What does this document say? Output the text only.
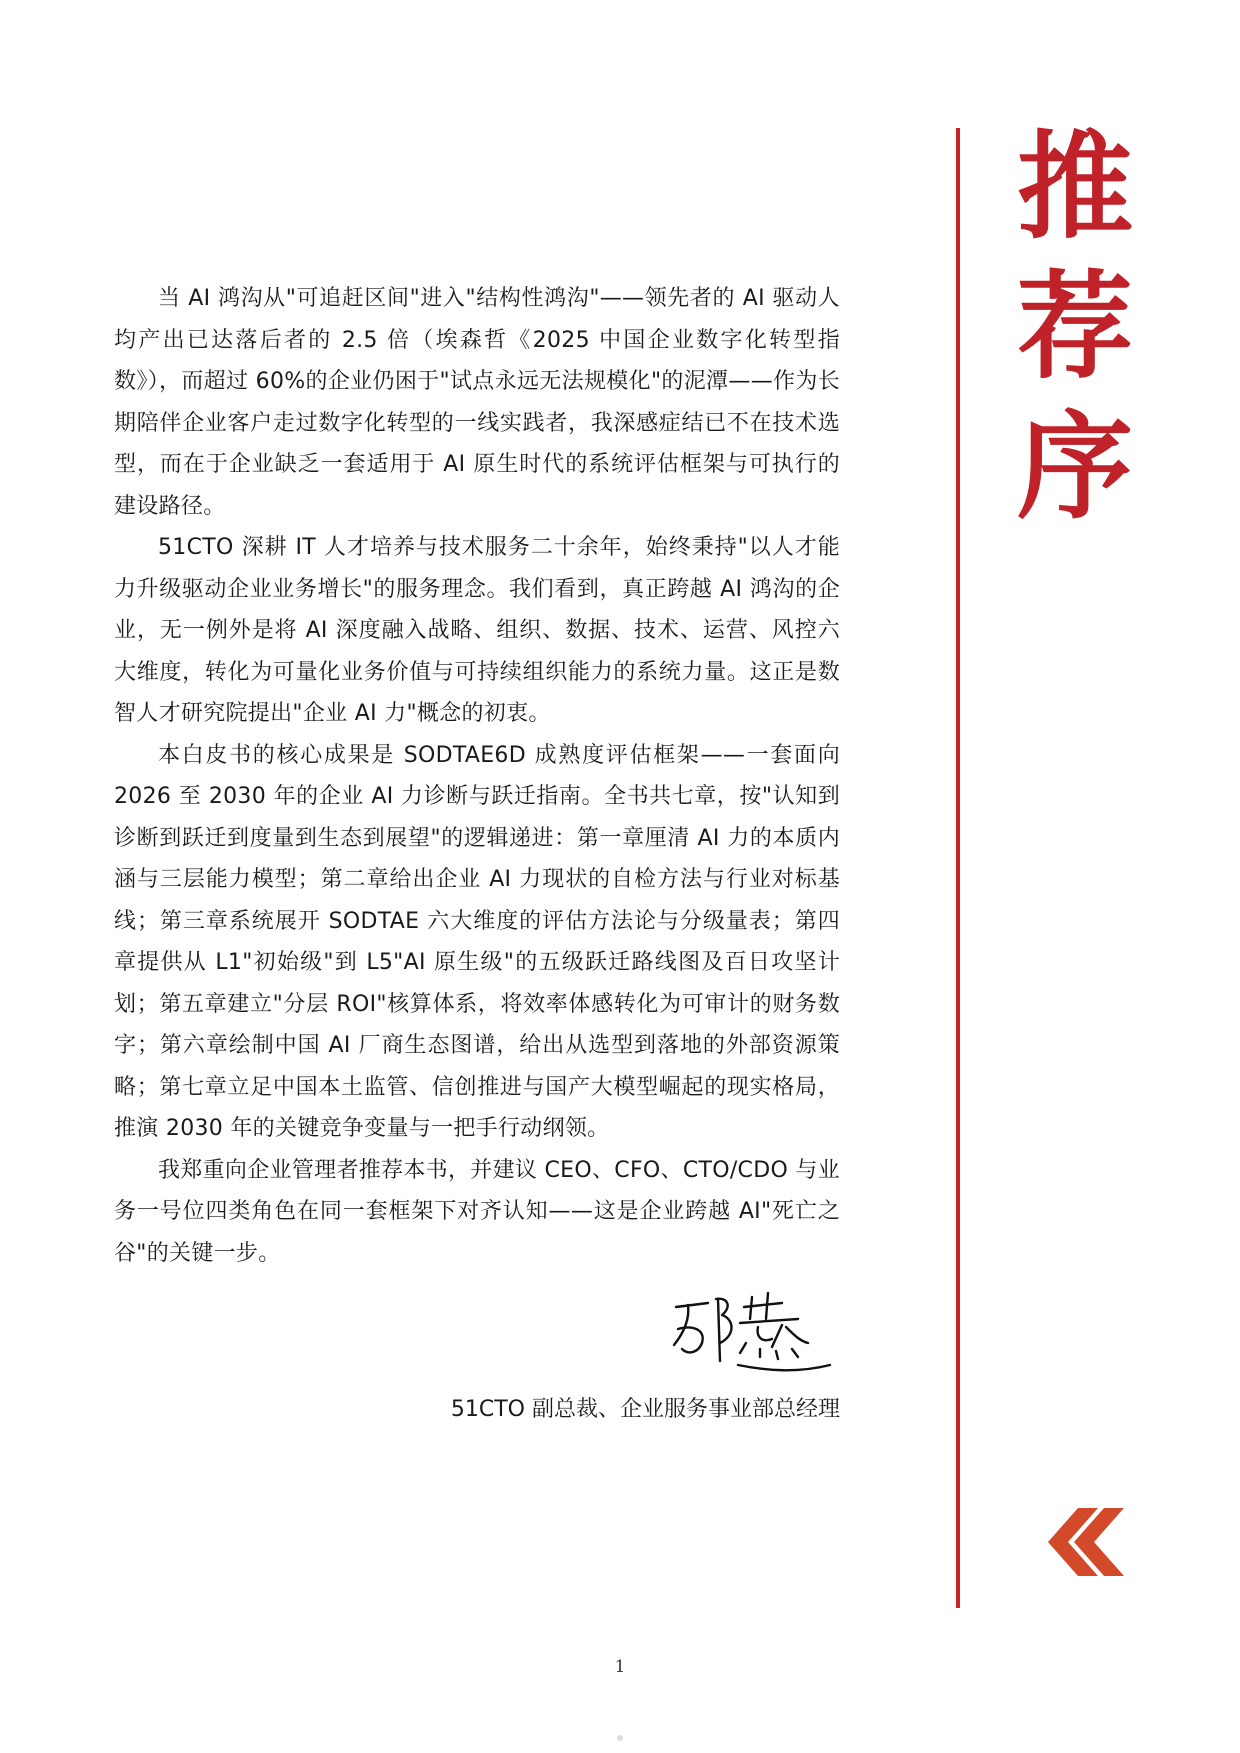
推
荐
序

当 AI 鸿沟从"可追赶区间"进入"结构性鸿沟"——领先者的 AI 驱动人均产出已达落后者的 2.5 倍（埃森哲《2025 中国企业数字化转型指数》），而超过 60%的企业仍困于"试点永远无法规模化"的泥潭——作为长期陪伴企业客户走过数字化转型的一线实践者，我深感症结已不在技术选型，而在于企业缺乏一套适用于 AI 原生时代的系统评估框架与可执行的建设路径。

51CTO 深耕 IT 人才培养与技术服务二十余年，始终秉持"以人才能力升级驱动企业业务增长"的服务理念。我们看到，真正跨越 AI 鸿沟的企业，无一例外是将 AI 深度融入战略、组织、数据、技术、运营、风控六大维度，转化为可量化业务价值与可持续组织能力的系统力量。这正是数智人才研究院提出"企业 AI 力"概念的初衷。

本白皮书的核心成果是 SODTAE6D 成熟度评估框架——一套面向 2026 至 2030 年的企业 AI 力诊断与跃迁指南。全书共七章，按"认知到诊断到跃迁到度量到生态到展望"的逻辑递进：第一章厘清 AI 力的本质内涵与三层能力模型；第二章给出企业 AI 力现状的自检方法与行业对标基线；第三章系统展开 SODTAE 六大维度的评估方法论与分级量表；第四章提供从 L1"初始级"到 L5"AI 原生级"的五级跃迁路线图及百日攻坚计划；第五章建立"分层 ROI"核算体系，将效率体感转化为可审计的财务数字；第六章绘制中国 AI 厂商生态图谱，给出从选型到落地的外部资源策略；第七章立足中国本土监管、信创推进与国产大模型崛起的现实格局，推演 2030 年的关键竞争变量与一把手行动纲领。

我郑重向企业管理者推荐本书，并建议 CEO、CFO、CTO/CDO 与业务一号位四类角色在同一套框架下对齐认知——这是企业跨越 AI"死亡之谷"的关键一步。

51CTO 副总裁、企业服务事业部总经理
1
